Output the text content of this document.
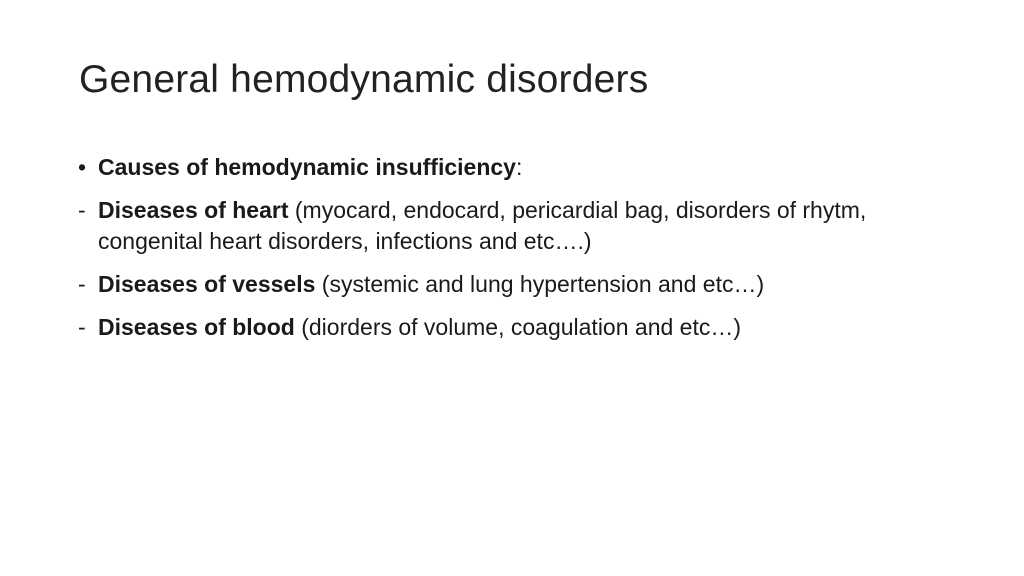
General hemodynamic disorders
• Causes of hemodynamic insufficiency:
- Diseases of heart (myocard, endocard, pericardial bag, disorders of rhytm, congenital heart disorders, infections and etc….)
- Diseases of vessels (systemic and lung hypertension and etc…)
- Diseases of blood (diorders of volume, coagulation and etc…)
